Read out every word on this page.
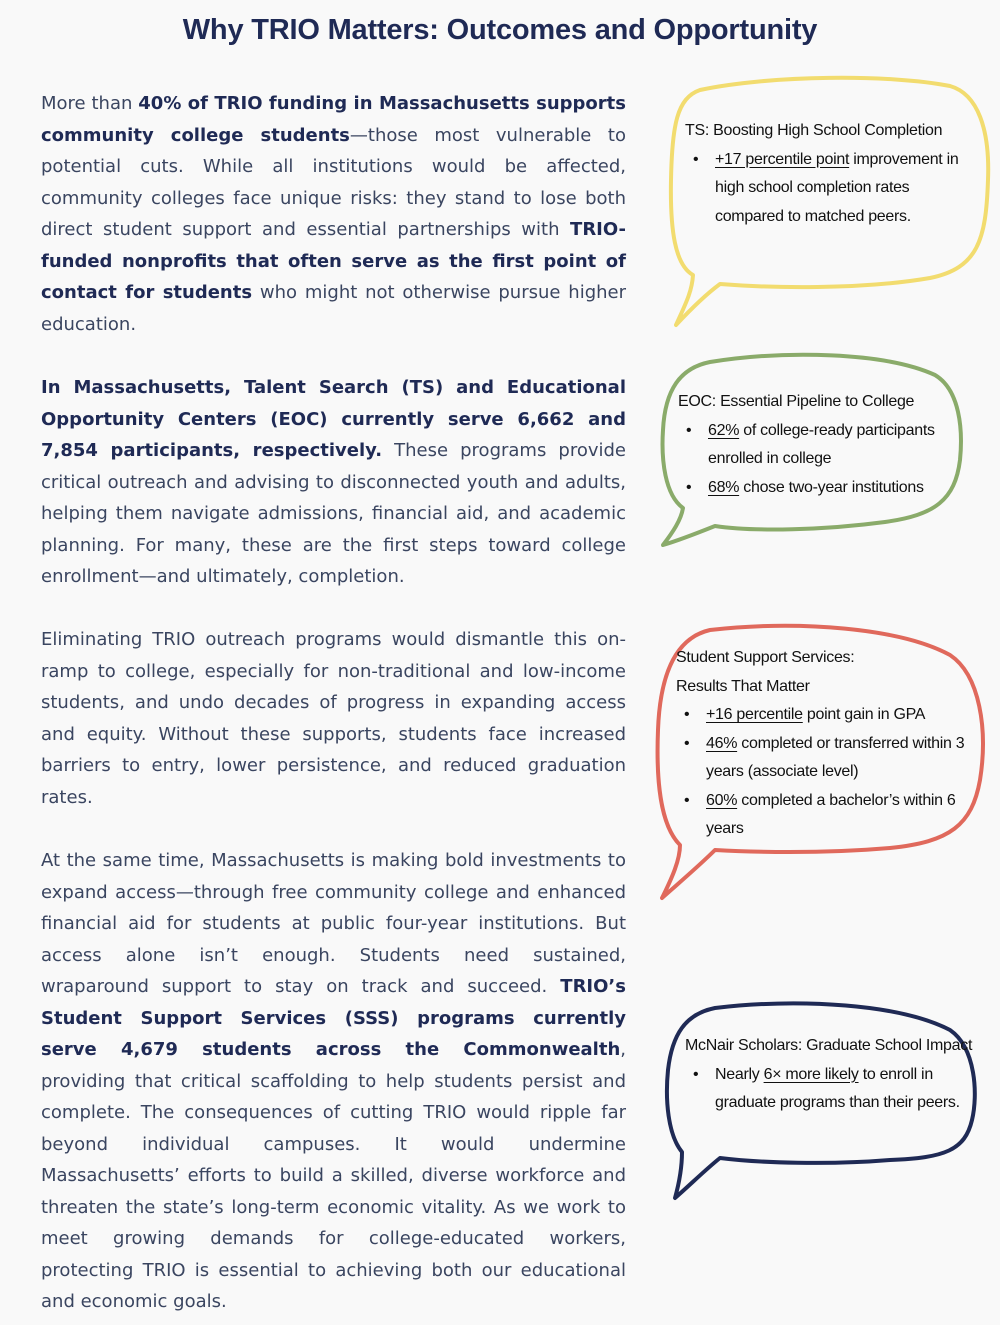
Why TRIO Matters: Outcomes and Opportunity

More than 40% of TRIO funding in Massachusetts supports community college students—those most vulnerable to potential cuts. While all institutions would be affected, community colleges face unique risks: they stand to lose both direct student support and essential partnerships with TRIO-funded nonprofits that often serve as the first point of contact for students who might not otherwise pursue higher education.

In Massachusetts, Talent Search (TS) and Educational Opportunity Centers (EOC) currently serve 6,662 and 7,854 participants, respectively. These programs provide critical outreach and advising to disconnected youth and adults, helping them navigate admissions, financial aid, and academic planning. For many, these are the first steps toward college enrollment—and ultimately, completion.

Eliminating TRIO outreach programs would dismantle this on-ramp to college, especially for non-traditional and low-income students, and undo decades of progress in expanding access and equity. Without these supports, students face increased barriers to entry, lower persistence, and reduced graduation rates.

At the same time, Massachusetts is making bold investments to expand access—through free community college and enhanced financial aid for students at public four-year institutions. But access alone isn’t enough. Students need sustained, wraparound support to stay on track and succeed. TRIO’s Student Support Services (SSS) programs currently serve 4,679 students across the Commonwealth, providing that critical scaffolding to help students persist and complete. The consequences of cutting TRIO would ripple far beyond individual campuses. It would undermine Massachusetts’ efforts to build a skilled, diverse workforce and threaten the state’s long-term economic vitality. As we work to meet growing demands for college-educated workers, protecting TRIO is essential to achieving both our educational and economic goals.

TS: Boosting High School Completion
• +17 percentile point improvement in high school completion rates compared to matched peers.
EOC: Essential Pipeline to College
• 62% of college-ready participants enrolled in college
• 68% chose two-year institutions
Student Support Services:
Results That Matter
• +16 percentile point gain in GPA
• 46% completed or transferred within 3 years (associate level)
• 60% completed a bachelor’s within 6 years
McNair Scholars: Graduate School Impact
• Nearly 6× more likely to enroll in graduate programs than their peers.
